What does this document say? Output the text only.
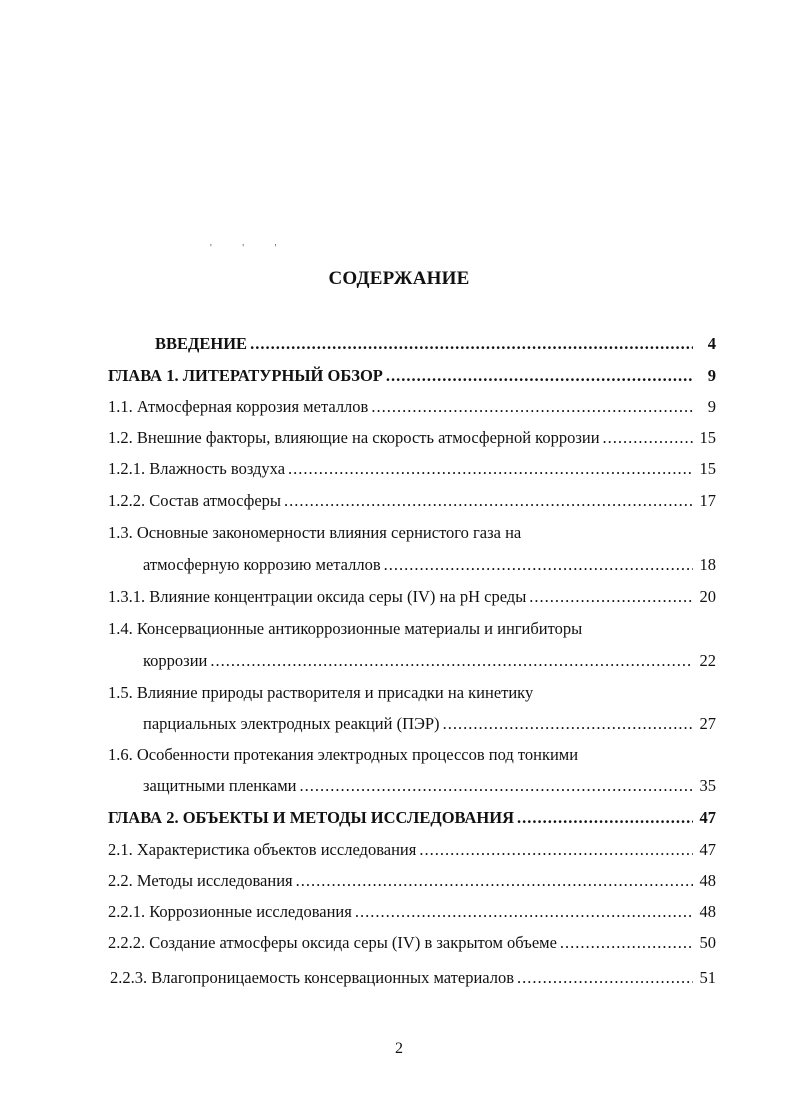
' ' '
СОДЕРЖАНИЕ
ВВЕДЕНИЕ .....	4
ГЛАВА 1. ЛИТЕРАТУРНЫЙ ОБЗОР .....	9
1.1. Атмосферная коррозия металлов .....	9
1.2. Внешние факторы, влияющие на скорость атмосферной коррозии .....	15
1.2.1. Влажность воздуха .....	15
1.2.2. Состав атмосферы .....	17
1.3. Основные закономерности влияния сернистого газа на
атмосферную коррозию металлов .....	18
1.3.1. Влияние концентрации оксида серы (IV) на pH среды .....	20
1.4. Консервационные антикоррозионные материалы и ингибиторы
коррозии .....	22
1.5. Влияние природы растворителя и присадки на кинетику
парциальных электродных реакций (ПЭР) .....	27
1.6. Особенности протекания электродных процессов под тонкими
защитными пленками .....	35
ГЛАВА 2. ОБЪЕКТЫ И МЕТОДЫ ИССЛЕДОВАНИЯ .....	47
2.1. Характеристика объектов исследования .....	47
2.2. Методы исследования .....	48
2.2.1. Коррозионные исследования .....	48
2.2.2. Создание атмосферы оксида серы (IV) в закрытом объеме .....	50
2.2.3. Влагопроницаемость консервационных материалов .....	51
2
